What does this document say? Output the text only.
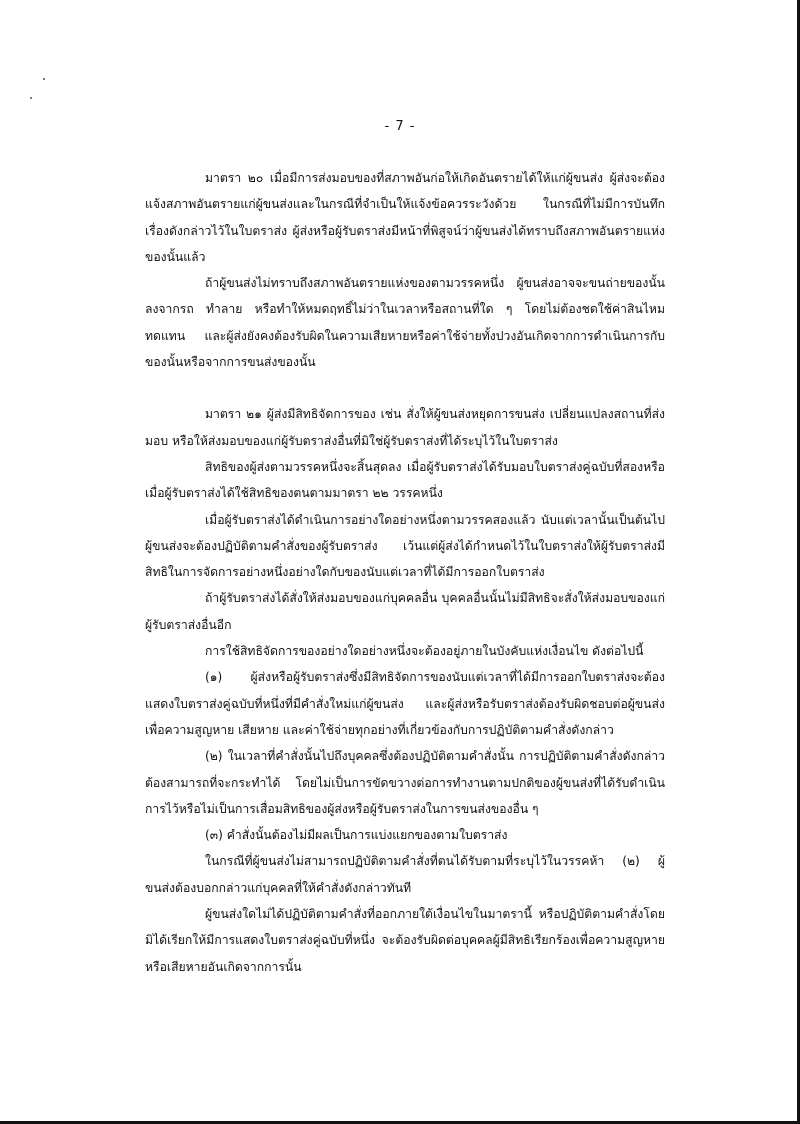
- 7 -

มาตรา ๒๐ เมื่อมีการส่งมอบของที่สภาพอันก่อให้เกิดอันตรายได้ให้แก่ผู้ขนส่ง ผู้ส่งจะต้องแจ้งสภาพอันตรายแก่ผู้ขนส่งและในกรณีที่จำเป็นให้แจ้งข้อควรระวังด้วย ในกรณีที่ไม่มีการบันทึกเรื่องดังกล่าวไว้ในใบตราส่ง ผู้ส่งหรือผู้รับตราส่งมีหน้าที่พิสูจน์ว่าผู้ขนส่งได้ทราบถึงสภาพอันตรายแห่งของนั้นแล้ว

ถ้าผู้ขนส่งไม่ทราบถึงสภาพอันตรายแห่งของตามวรรคหนึ่ง ผู้ขนส่งอาจจะขนถ่ายของนั้นลงจากรถ ทำลาย หรือทำให้หมดฤทธิ์ไม่ว่าในเวลาหรือสถานที่ใด ๆ โดยไม่ต้องชดใช้ค่าสินไหมทดแทน และผู้ส่งยังคงต้องรับผิดในความเสียหายหรือค่าใช้จ่ายทั้งปวงอันเกิดจากการดำเนินการกับของนั้นหรือจากการขนส่งของนั้น

มาตรา ๒๑ ผู้ส่งมีสิทธิจัดการของ เช่น สั่งให้ผู้ขนส่งหยุดการขนส่ง เปลี่ยนแปลงสถานที่ส่งมอบ หรือให้ส่งมอบของแก่ผู้รับตราส่งอื่นที่มิใช่ผู้รับตราส่งที่ได้ระบุไว้ในใบตราส่ง

สิทธิของผู้ส่งตามวรรคหนึ่งจะสิ้นสุดลง เมื่อผู้รับตราส่งได้รับมอบใบตราส่งคู่ฉบับที่สองหรือเมื่อผู้รับตราส่งได้ใช้สิทธิของตนตามมาตรา ๒๒ วรรคหนึ่ง

เมื่อผู้รับตราส่งได้ดำเนินการอย่างใดอย่างหนึ่งตามวรรคสองแล้ว นับแต่เวลานั้นเป็นต้นไปผู้ขนส่งจะต้องปฏิบัติตามคำสั่งของผู้รับตราส่ง เว้นแต่ผู้ส่งได้กำหนดไว้ในใบตราส่งให้ผู้รับตราส่งมีสิทธิในการจัดการอย่างหนึ่งอย่างใดกับของนับแต่เวลาที่ได้มีการออกใบตราส่ง

ถ้าผู้รับตราส่งได้สั่งให้ส่งมอบของแก่บุคคลอื่น บุคคลอื่นนั้นไม่มีสิทธิจะสั่งให้ส่งมอบของแก่ผู้รับตราส่งอื่นอีก

การใช้สิทธิจัดการของอย่างใดอย่างหนึ่งจะต้องอยู่ภายในบังคับแห่งเงื่อนไข ดังต่อไปนี้

(๑) ผู้ส่งหรือผู้รับตราส่งซึ่งมีสิทธิจัดการของนับแต่เวลาที่ได้มีการออกใบตราส่งจะต้องแสดงใบตราส่งคู่ฉบับที่หนึ่งที่มีคำสั่งใหม่แก่ผู้ขนส่ง และผู้ส่งหรือรับตราส่งต้องรับผิดชอบต่อผู้ขนส่งเพื่อความสูญหาย เสียหาย และค่าใช้จ่ายทุกอย่างที่เกี่ยวข้องกับการปฏิบัติตามคำสั่งดังกล่าว

(๒) ในเวลาที่คำสั่งนั้นไปถึงบุคคลซึ่งต้องปฏิบัติตามคำสั่งนั้น การปฏิบัติตามคำสั่งดังกล่าวต้องสามารถที่จะกระทำได้ โดยไม่เป็นการขัดขวางต่อการทำงานตามปกติของผู้ขนส่งที่ได้รับดำเนินการไว้หรือไม่เป็นการเสื่อมสิทธิของผู้ส่งหรือผู้รับตราส่งในการขนส่งของอื่น ๆ

(๓) คำสั่งนั้นต้องไม่มีผลเป็นการแบ่งแยกของตามใบตราส่ง

ในกรณีที่ผู้ขนส่งไม่สามารถปฏิบัติตามคำสั่งที่ตนได้รับตามที่ระบุไว้ในวรรคห้า (๒) ผู้ขนส่งต้องบอกกล่าวแก่บุคคลที่ให้คำสั่งดังกล่าวทันที

ผู้ขนส่งใดไม่ได้ปฏิบัติตามคำสั่งที่ออกภายใต้เงื่อนไขในมาตรานี้ หรือปฏิบัติตามคำสั่งโดยมิได้เรียกให้มีการแสดงใบตราส่งคู่ฉบับที่หนึ่ง จะต้องรับผิดต่อบุคคลผู้มีสิทธิเรียกร้องเพื่อความสูญหายหรือเสียหายอันเกิดจากการนั้น
